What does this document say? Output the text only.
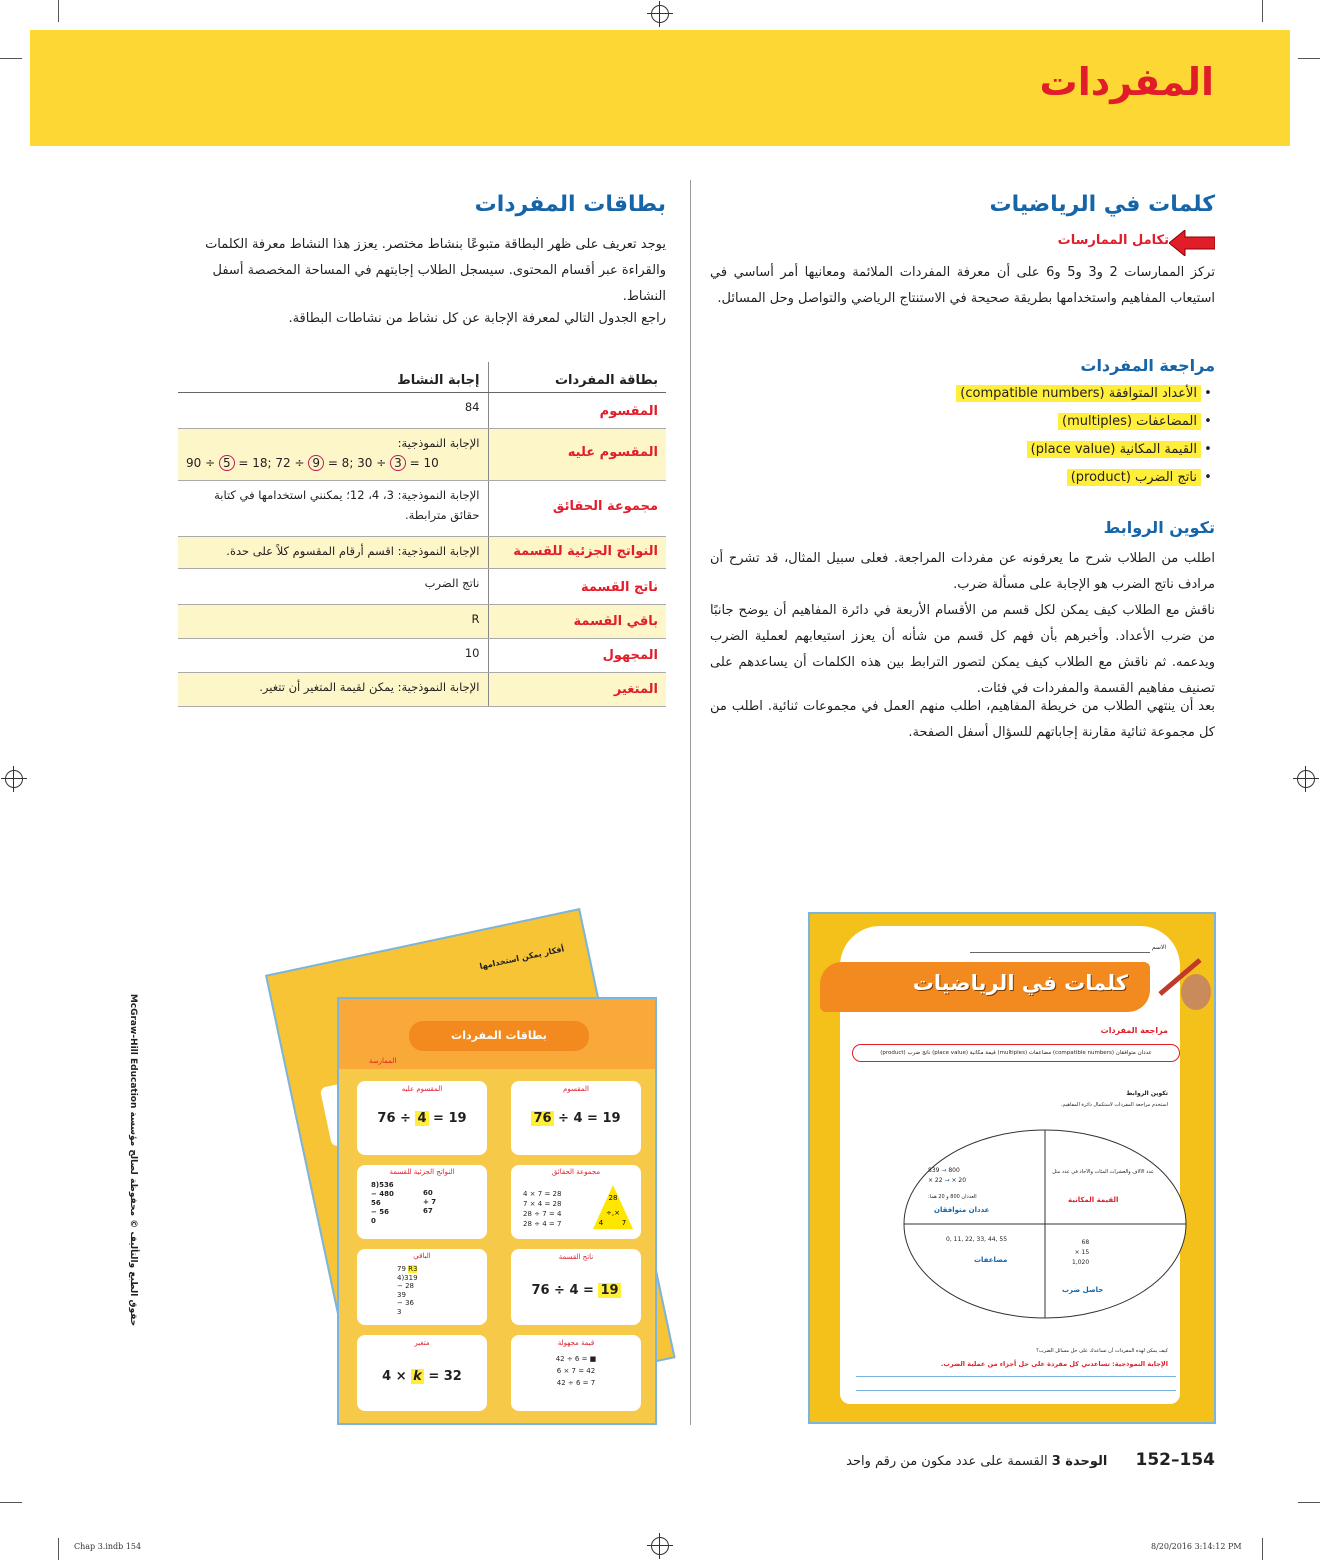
المفردات
كلمات في الرياضيات
تكامل الممارسات
تركز الممارسات 2 و3 و5 و6 على أن معرفة المفردات الملائمة ومعانيها أمر أساسي في استيعاب المفاهيم واستخدامها بطريقة صحيحة في الاستنتاج الرياضي والتواصل وحل المسائل.
مراجعة المفردات
•الأعداد المتوافقة (compatible numbers)
•المضاعفات (multiples)
•القيمة المكانية (place value)
•ناتج الضرب (product)
تكوين الروابط
اطلب من الطلاب شرح ما يعرفونه عن مفردات المراجعة. فعلى سبيل المثال، قد تشرح أن مرادف ناتج الضرب هو الإجابة على مسألة ضرب.
ناقش مع الطلاب كيف يمكن لكل قسم من الأقسام الأربعة في دائرة المفاهيم أن يوضح جانبًا من ضرب الأعداد. وأخبرهم بأن فهم كل قسم من شأنه أن يعزز استيعابهم لعملية الضرب ويدعمه. ثم ناقش مع الطلاب كيف يمكن لتصور الترابط بين هذه الكلمات أن يساعدهم على تصنيف مفاهيم القسمة والمفردات في فئات.
بعد أن ينتهي الطلاب من خريطة المفاهيم، اطلب منهم العمل في مجموعات ثنائية. اطلب من كل مجموعة ثنائية مقارنة إجاباتهم للسؤال أسفل الصفحة.
بطاقات المفردات
يوجد تعريف على ظهر البطاقة متبوعًا بنشاط مختصر. يعزز هذا النشاط معرفة الكلمات والقراءة عبر أقسام المحتوى. سيسجل الطلاب إجابتهم في المساحة المخصصة أسفل النشاط.
راجع الجدول التالي لمعرفة الإجابة عن كل نشاط من نشاطات البطاقة.
بطاقة المفردات	إجابة النشاط
المقسوم	84
المقسوم عليه	الإجابة النموذجية:
90 ÷ 5 = 18; 72 ÷ 9 = 8; 30 ÷ 3 = 10

مجموعة الحقائق	الإجابة النموذجية: 3، 4، 12؛ يمكنني استخدامها في كتابة حقائق مترابطة.
النواتج الجزئية للقسمة	الإجابة النموذجية: اقسم أرقام المقسوم كلاً على حدة.
ناتج القسمة	ناتج الضرب
باقي القسمة	R
المجهول	10
المتغير	الإجابة النموذجية: يمكن لقيمة المتغير أن تتغير.
أفكار يمكن استخدامها
بطاقات المفردات
الممارسة
المقسوم عليه
76 ÷ 4 = 19
المقسوم
76 ÷ 4 = 19
النواتج الجزئية للقسمة
8)536
− 480
56
− 56
0
60
+ 7
67
مجموعة الحقائق
4 × 7 = 28
7 × 4 = 28
28 ÷ 7 = 4
28 ÷ 4 = 7
28
4	7
÷,×
الباقي
79 R3
4)319
− 28
39
− 36
3
ناتج القسمة
76 ÷ 4 = 19
متغير
4 × k = 32
قيمة مجهولة
42 ÷ 6 = ■
6 × 7 = 42
42 ÷ 6 = 7
الاسم
كلمات في الرياضيات
مراجعة المفردات
عددان متوافقان (compatible numbers) مضاعفات (multiples) قيمة مكانية (place value) ناتج ضرب (product)
تكوين الروابط
استخدم مراجعة المفردات لاستكمال دائرة المفاهيم.
عدد الآلاف والعشرات المئات والآحاد في عدد مثل
القيمة المكانية
839 → 800
× 22 → × 20
العددان 800 و 20 هما:
عددان متوافقان
0, 11, 22, 33, 44, 55
مضاعفات
68
× 15
1,020
حاصل ضرب
كيف يمكن لهذه المفردات أن تساعدك على حل مسائل الضرب؟
الإجابة النموذجية: تساعدني كل مفردة على حل أجزاء من عملية الضرب.
حقوق الطبع والتأليف © محفوظة لصالح مؤسسة McGraw-Hill Education
154–152 الوحدة 3 القسمة على عدد مكون من رقم واحد
Chap 3.indb 154	8/20/2016 3:14:12 PM
